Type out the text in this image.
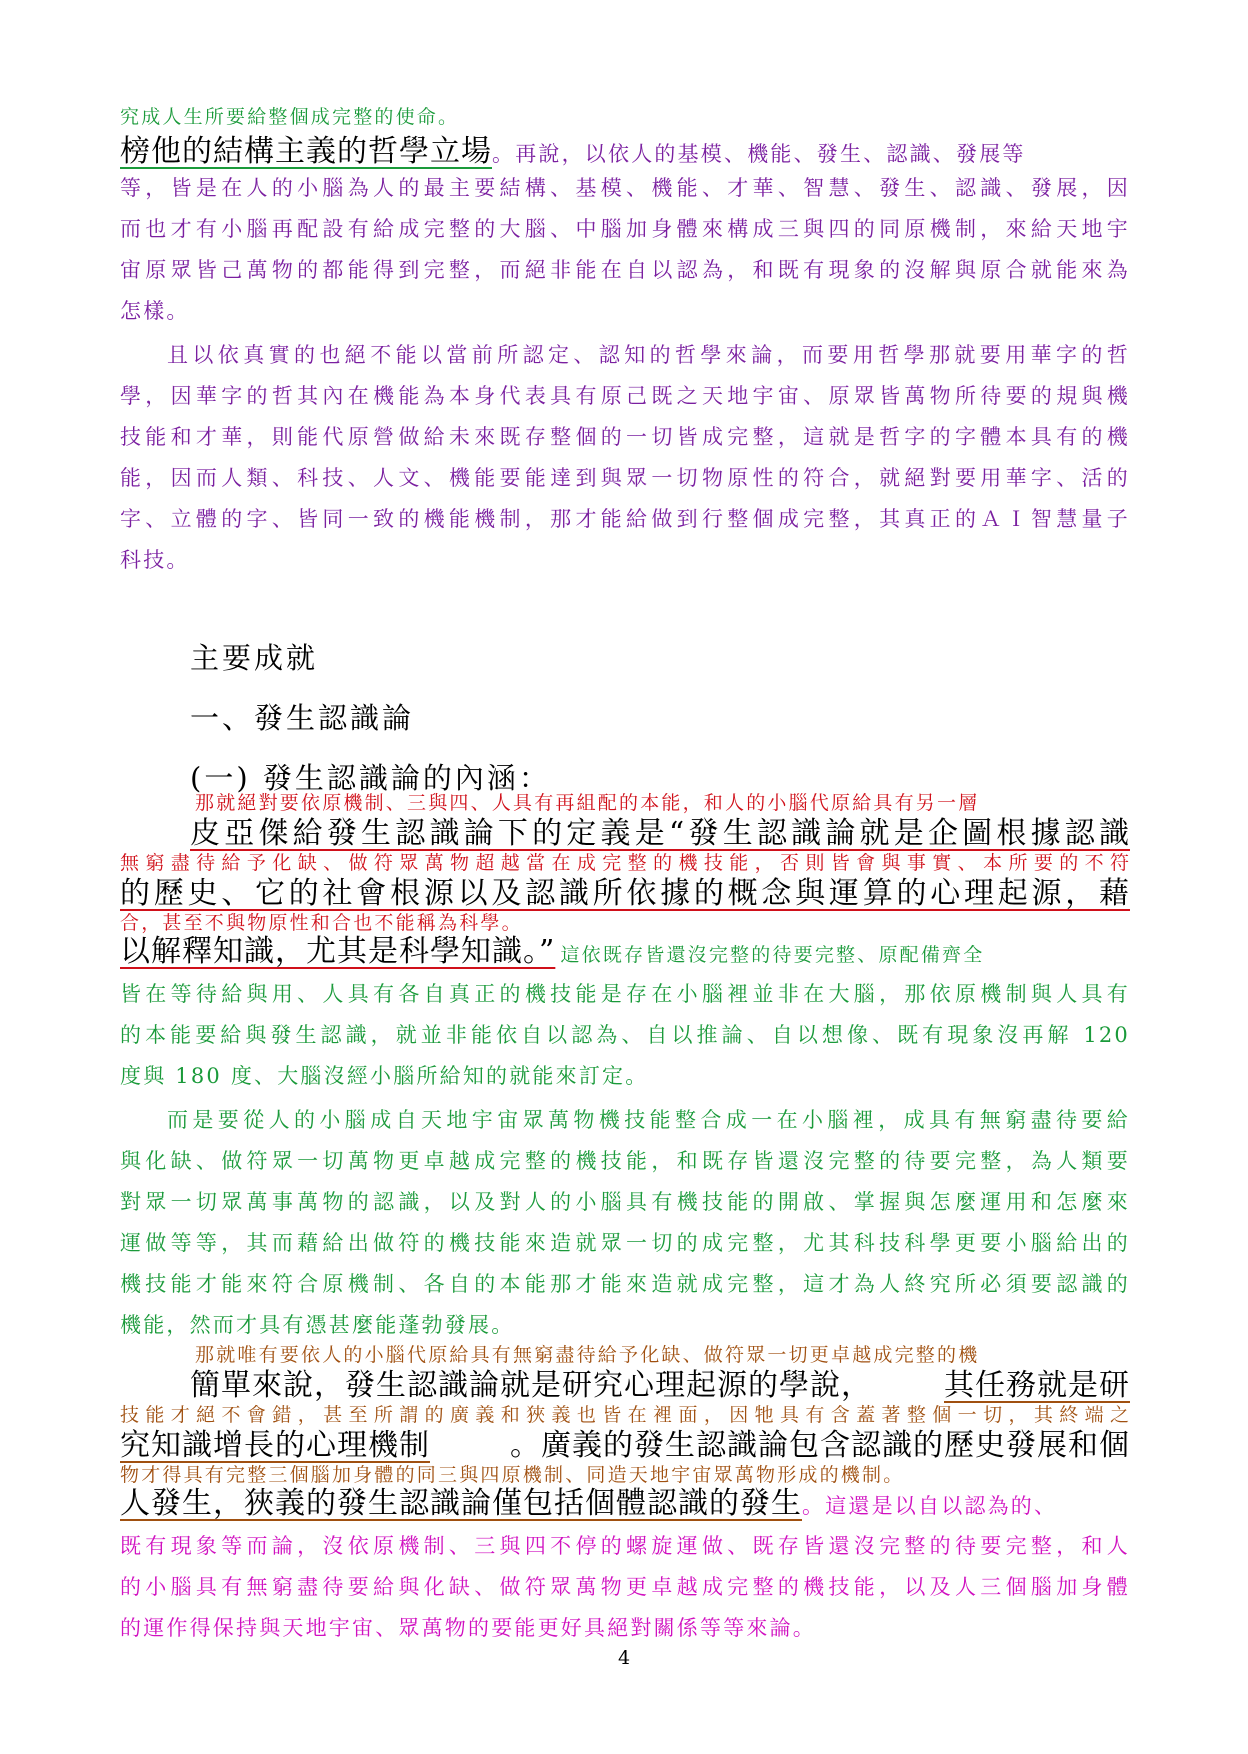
究成人生所要給整個成完整的使命。
榜他的結構主義的哲學立場。再說，以依人的基模、機能、發生、認識、發展等
等，皆是在人的小腦為人的最主要結構、基模、機能、才華、智慧、發生、認識、發展，因
而也才有小腦再配設有給成完整的大腦、中腦加身體來構成三與四的同原機制，來給天地宇
宙原眾皆己萬物的都能得到完整，而絕非能在自以認為，和既有現象的沒解與原合就能來為
怎樣。
且以依真實的也絕不能以當前所認定、認知的哲學來論，而要用哲學那就要用華字的哲
學，因華字的哲其內在機能為本身代表具有原己既之天地宇宙、原眾皆萬物所待要的規與機
技能和才華，則能代原營做給未來既存整個的一切皆成完整，這就是哲字的字體本具有的機
能，因而人類、科技、人文、機能要能達到與眾一切物原性的符合，就絕對要用華字、活的
字、立體的字、皆同一致的機能機制，那才能給做到行整個成完整，其真正的ＡＩ智慧量子
科技。
主要成就
一、發生認識論
(一) 發生認識論的內涵：
那就絕對要依原機制、三與四、人具有再組配的本能，和人的小腦代原給具有另一層
皮亞傑給發生認識論下的定義是“發生認識論就是企圖根據認識
無窮盡待給予化缺、做符眾萬物超越當在成完整的機技能，否則皆會與事實、本所要的不符
的歷史、它的社會根源以及認識所依據的概念與運算的心理起源，藉
合，甚至不與物原性和合也不能稱為科學。
以解釋知識，尤其是科學知識。” 這依既存皆還沒完整的待要完整、原配備齊全
皆在等待給與用、人具有各自真正的機技能是存在小腦裡並非在大腦，那依原機制與人具有
的本能要給與發生認識，就並非能依自以認為、自以推論、自以想像、既有現象沒再解 120
度與 180 度、大腦沒經小腦所給知的就能來訂定。
而是要從人的小腦成自天地宇宙眾萬物機技能整合成一在小腦裡，成具有無窮盡待要給
與化缺、做符眾一切萬物更卓越成完整的機技能，和既存皆還沒完整的待要完整，為人類要
對眾一切眾萬事萬物的認識，以及對人的小腦具有機技能的開啟、掌握與怎麼運用和怎麼來
運做等等，其而藉給出做符的機技能來造就眾一切的成完整，尤其科技科學更要小腦給出的
機技能才能來符合原機制、各自的本能那才能來造就成完整，這才為人終究所必須要認識的
機能，然而才具有憑甚麼能蓬勃發展。
那就唯有要依人的小腦代原給具有無窮盡待給予化缺、做符眾一切更卓越成完整的機
簡單來說，發生認識論就是研究心理起源的學說， 其任務就是研
技能才絕不會錯，甚至所謂的廣義和狹義也皆在裡面，因牠具有含蓋著整個一切，其終端之
究知識增長的心理機制	。廣義的發生認識論包含認識的歷史發展和個
物才得具有完整三個腦加身體的同三與四原機制、同造天地宇宙眾萬物形成的機制。
人發生，狹義的發生認識論僅包括個體認識的發生。這還是以自以認為的、
既有現象等而論，沒依原機制、三與四不停的螺旋運做、既存皆還沒完整的待要完整，和人
的小腦具有無窮盡待要給與化缺、做符眾萬物更卓越成完整的機技能，以及人三個腦加身體
的運作得保持與天地宇宙、眾萬物的要能更好具絕對關係等等來論。
4
